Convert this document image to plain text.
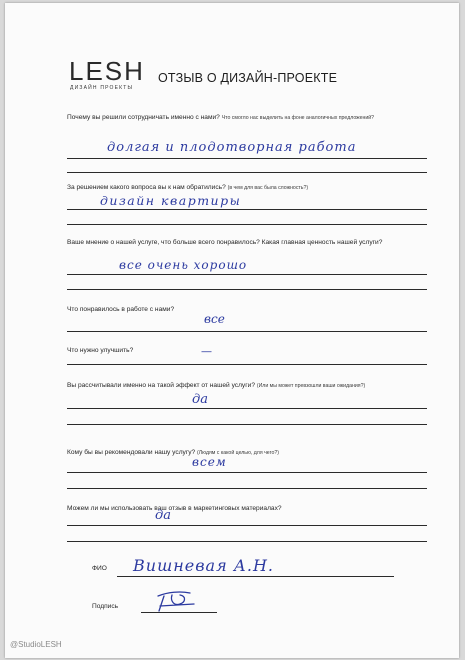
LESH
ДИЗАЙН ПРОЕКТЫ
ОТЗЫВ О ДИЗАЙН-ПРОЕКТЕ
Почему вы решили сотрудничать именно с нами? Что смогло нас выделить на фоне аналогичных предложений?
долгая и плодотворная работа
За решением какого вопроса вы к нам обратились? (в чем для вас была сложность?)
дизайн квартиры
Ваше мнение о нашей услуге, что больше всего понравилось? Какая главная ценность нашей услуги?
все очень хорошо
Что понравилось в работе с нами?
все
Что нужно улучшить?	—
Вы рассчитывали именно на такой эффект от нашей услуги? (Или мы может превзошли ваши ожидания?)
да
Кому бы вы рекомендовали нашу услугу? (Людям с какой целью, для чего?)
всем
Можем ли мы использовать ваш отзыв в маркетинговых материалах?
да
ФИО Вишневая А.Н.
Подпись
@StudioLESH
